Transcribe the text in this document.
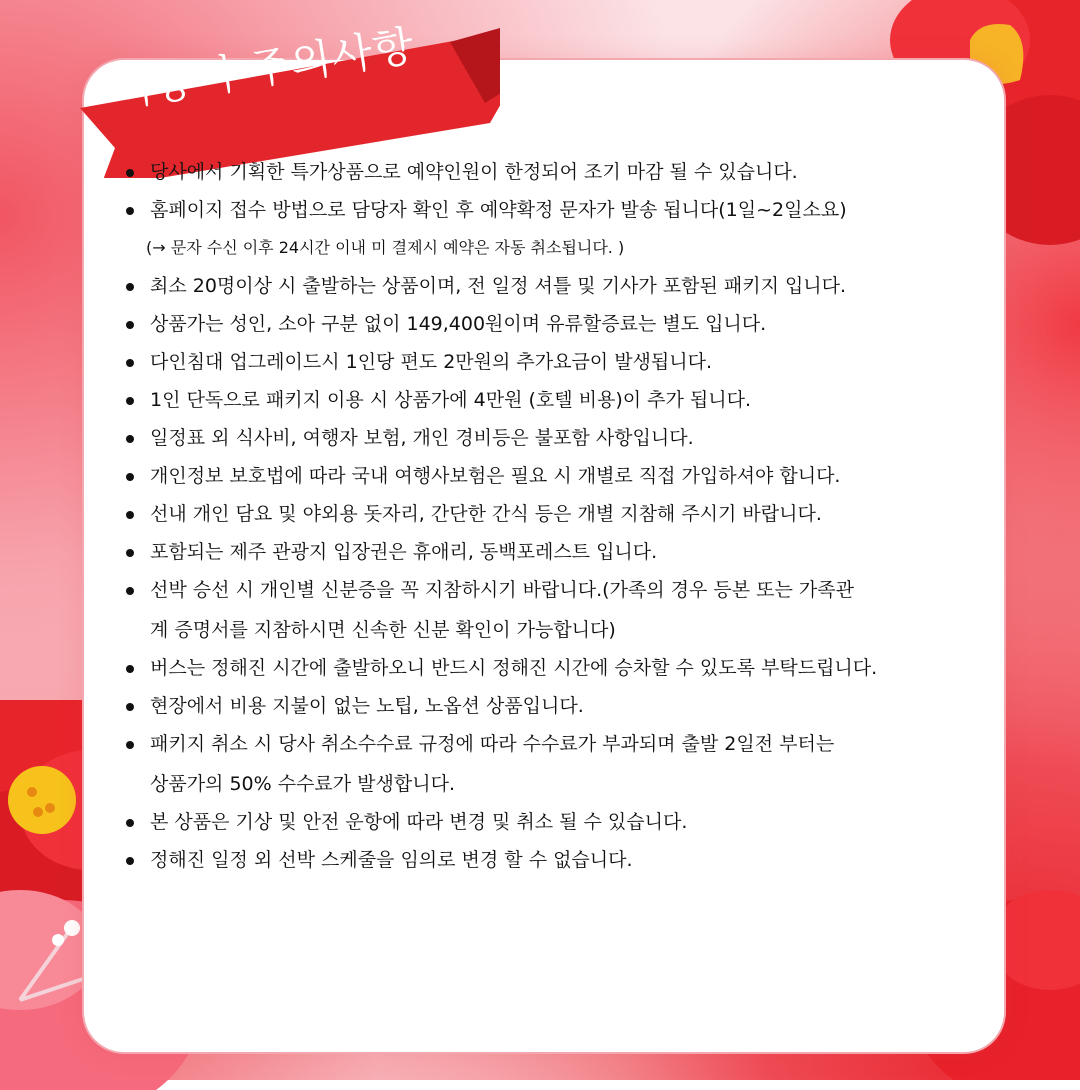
이용시 주의사항
당사에서 기획한 특가상품으로 예약인원이 한정되어 조기 마감 될 수 있습니다.
홈페이지 접수 방법으로 담당자 확인 후 예약확정 문자가 발송 됩니다(1일~2일소요)
(→ 문자 수신 이후 24시간 이내 미 결제시 예약은 자동 취소됩니다. )
최소 20명이상 시 출발하는 상품이며, 전 일정 셔틀 및 기사가 포함된 패키지 입니다.
상품가는 성인, 소아 구분 없이 149,400원이며 유류할증료는 별도 입니다.
다인침대 업그레이드시 1인당 편도 2만원의 추가요금이 발생됩니다.
1인 단독으로 패키지 이용 시 상품가에 4만원 (호텔 비용)이 추가 됩니다.
일정표 외 식사비, 여행자 보험, 개인 경비등은 불포함 사항입니다.
개인정보 보호법에 따라 국내 여행사보험은 필요 시 개별로 직접 가입하셔야 합니다.
선내 개인 담요 및 야외용 돗자리, 간단한 간식 등은 개별 지참해 주시기 바랍니다.
포함되는 제주 관광지 입장권은 휴애리, 동백포레스트 입니다.
선박 승선 시 개인별 신분증을 꼭 지참하시기 바랍니다.(가족의 경우 등본 또는 가족관
계 증명서를 지참하시면 신속한 신분 확인이 가능합니다)
버스는 정해진 시간에 출발하오니 반드시 정해진 시간에 승차할 수 있도록 부탁드립니다.
현장에서 비용 지불이 없는 노팁, 노옵션 상품입니다.
패키지 취소 시 당사 취소수수료 규정에 따라 수수료가 부과되며 출발 2일전 부터는
상품가의 50% 수수료가 발생합니다.
본 상품은 기상 및 안전 운항에 따라 변경 및 취소 될 수 있습니다.
정해진 일정 외 선박 스케줄을 임의로 변경 할 수 없습니다.
